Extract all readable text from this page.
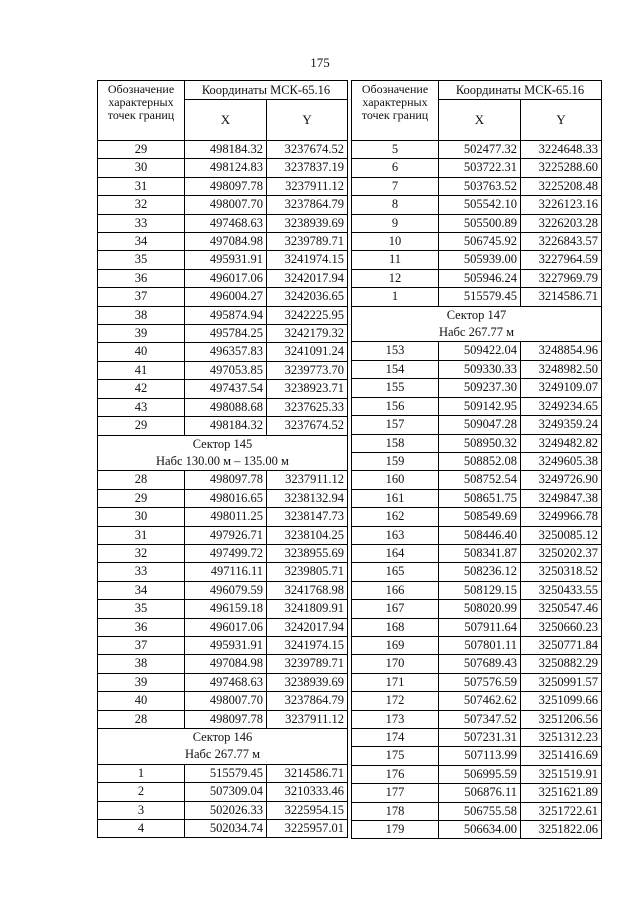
175
Обозначение характерных точек границ	Координаты МСК-65.16	
	X	Y
29	498184.32	3237674.52
30	498124.83	3237837.19
31	498097.78	3237911.12
32	498007.70	3237864.79
33	497468.63	3238939.69
34	497084.98	3239789.71
35	495931.91	3241974.15
36	496017.06	3242017.94
37	496004.27	3242036.65
38	495874.94	3242225.95
39	495784.25	3242179.32
40	496357.83	3241091.24
41	497053.85	3239773.70
42	497437.54	3238923.71
43	498088.68	3237625.33
29	498184.32	3237674.52
Сектор 145		
Набс 130.00 м – 135.00 м		
28	498097.78	3237911.12
29	498016.65	3238132.94
30	498011.25	3238147.73
31	497926.71	3238104.25
32	497499.72	3238955.69
33	497116.11	3239805.71
34	496079.59	3241768.98
35	496159.18	3241809.91
36	496017.06	3242017.94
37	495931.91	3241974.15
38	497084.98	3239789.71
39	497468.63	3238939.69
40	498007.70	3237864.79
28	498097.78	3237911.12
Сектор 146		
Набс 267.77 м		
1	515579.45	3214586.71
2	507309.04	3210333.46
3	502026.33	3225954.15
4	502034.74	3225957.01
Обозначение характерных точек границ	Координаты МСК-65.16	
	X	Y
5	502477.32	3224648.33
6	503722.31	3225288.60
7	503763.52	3225208.48
8	505542.10	3226123.16
9	505500.89	3226203.28
10	506745.92	3226843.57
11	505939.00	3227964.59
12	505946.24	3227969.79
1	515579.45	3214586.71
Сектор 147		
Набс 267.77 м		
153	509422.04	3248854.96
154	509330.33	3248982.50
155	509237.30	3249109.07
156	509142.95	3249234.65
157	509047.28	3249359.24
158	508950.32	3249482.82
159	508852.08	3249605.38
160	508752.54	3249726.90
161	508651.75	3249847.38
162	508549.69	3249966.78
163	508446.40	3250085.12
164	508341.87	3250202.37
165	508236.12	3250318.52
166	508129.15	3250433.55
167	508020.99	3250547.46
168	507911.64	3250660.23
169	507801.11	3250771.84
170	507689.43	3250882.29
171	507576.59	3250991.57
172	507462.62	3251099.66
173	507347.52	3251206.56
174	507231.31	3251312.23
175	507113.99	3251416.69
176	506995.59	3251519.91
177	506876.11	3251621.89
178	506755.58	3251722.61
179	506634.00	3251822.06
